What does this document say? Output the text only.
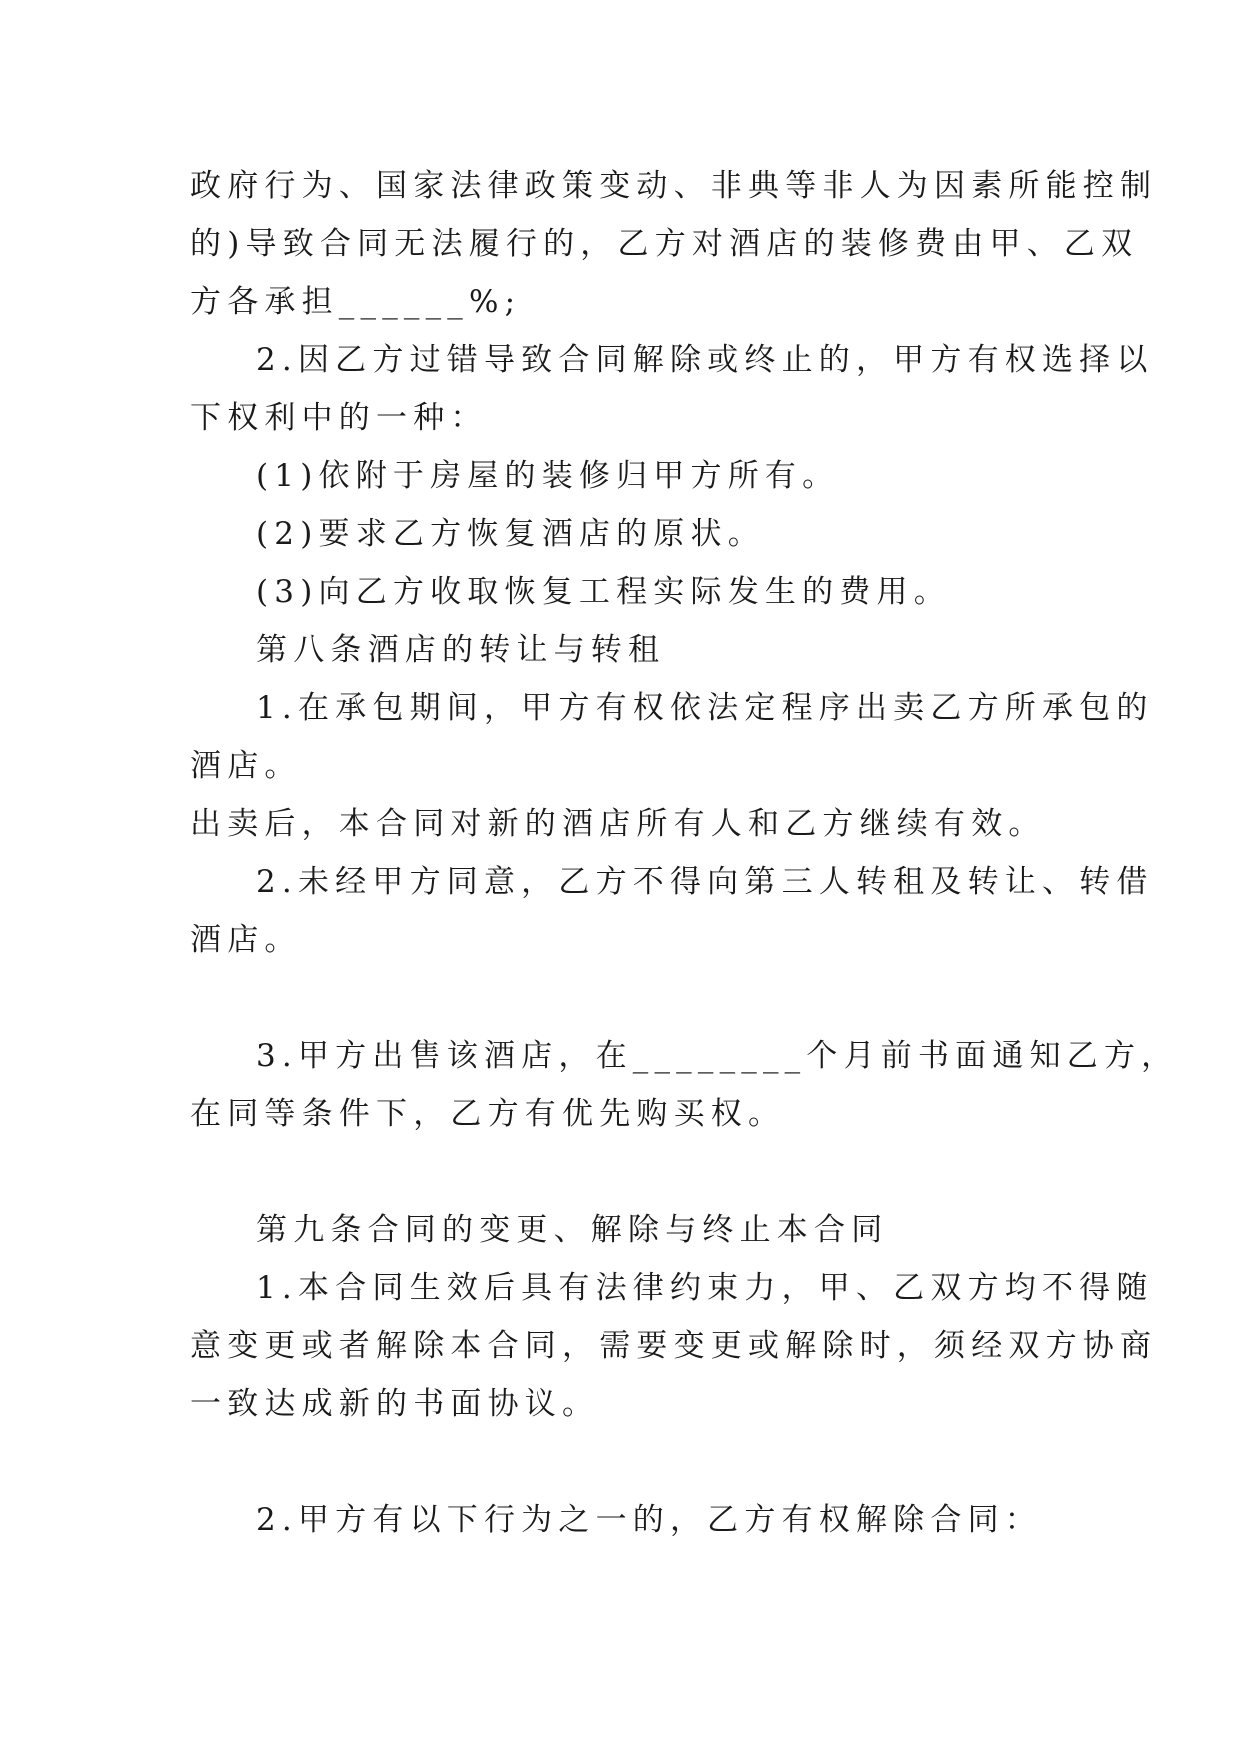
政府行为、国家法律政策变动、非典等非人为因素所能控制
的)导致合同无法履行的，乙方对酒店的装修费由甲、乙双
方各承担______%;
2.因乙方过错导致合同解除或终止的，甲方有权选择以
下权利中的一种：
(1)依附于房屋的装修归甲方所有。
(2)要求乙方恢复酒店的原状。
(3)向乙方收取恢复工程实际发生的费用。
第八条酒店的转让与转租
1.在承包期间，甲方有权依法定程序出卖乙方所承包的
酒店。
出卖后，本合同对新的酒店所有人和乙方继续有效。
2.未经甲方同意，乙方不得向第三人转租及转让、转借
酒店。
3.甲方出售该酒店，在________个月前书面通知乙方，
在同等条件下，乙方有优先购买权。
第九条合同的变更、解除与终止本合同
1.本合同生效后具有法律约束力，甲、乙双方均不得随
意变更或者解除本合同，需要变更或解除时，须经双方协商
一致达成新的书面协议。
2.甲方有以下行为之一的，乙方有权解除合同：
